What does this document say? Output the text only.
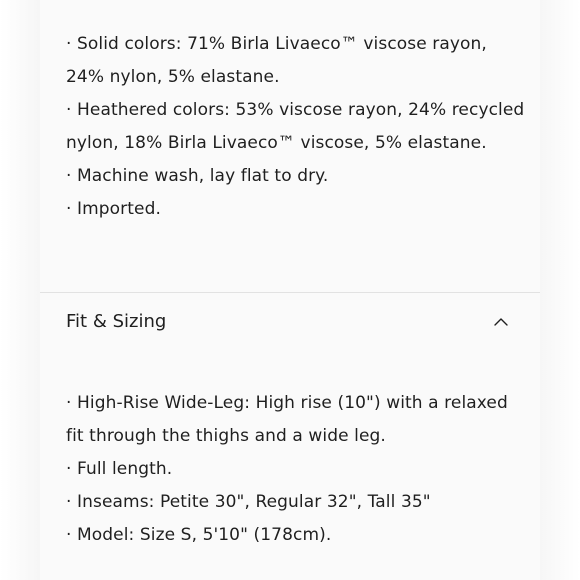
· Solid colors: 71% Birla Livaeco™ viscose rayon, 24% nylon, 5% elastane.
· Heathered colors: 53% viscose rayon, 24% recycled nylon, 18% Birla Livaeco™ viscose, 5% elastane.
· Machine wash, lay flat to dry.
· Imported.
Fit & Sizing
· High-Rise Wide-Leg: High rise (10") with a relaxed fit through the thighs and a wide leg.
· Full length.
· Inseams: Petite 30", Regular 32", Tall 35"
· Model: Size S, 5'10" (178cm).
